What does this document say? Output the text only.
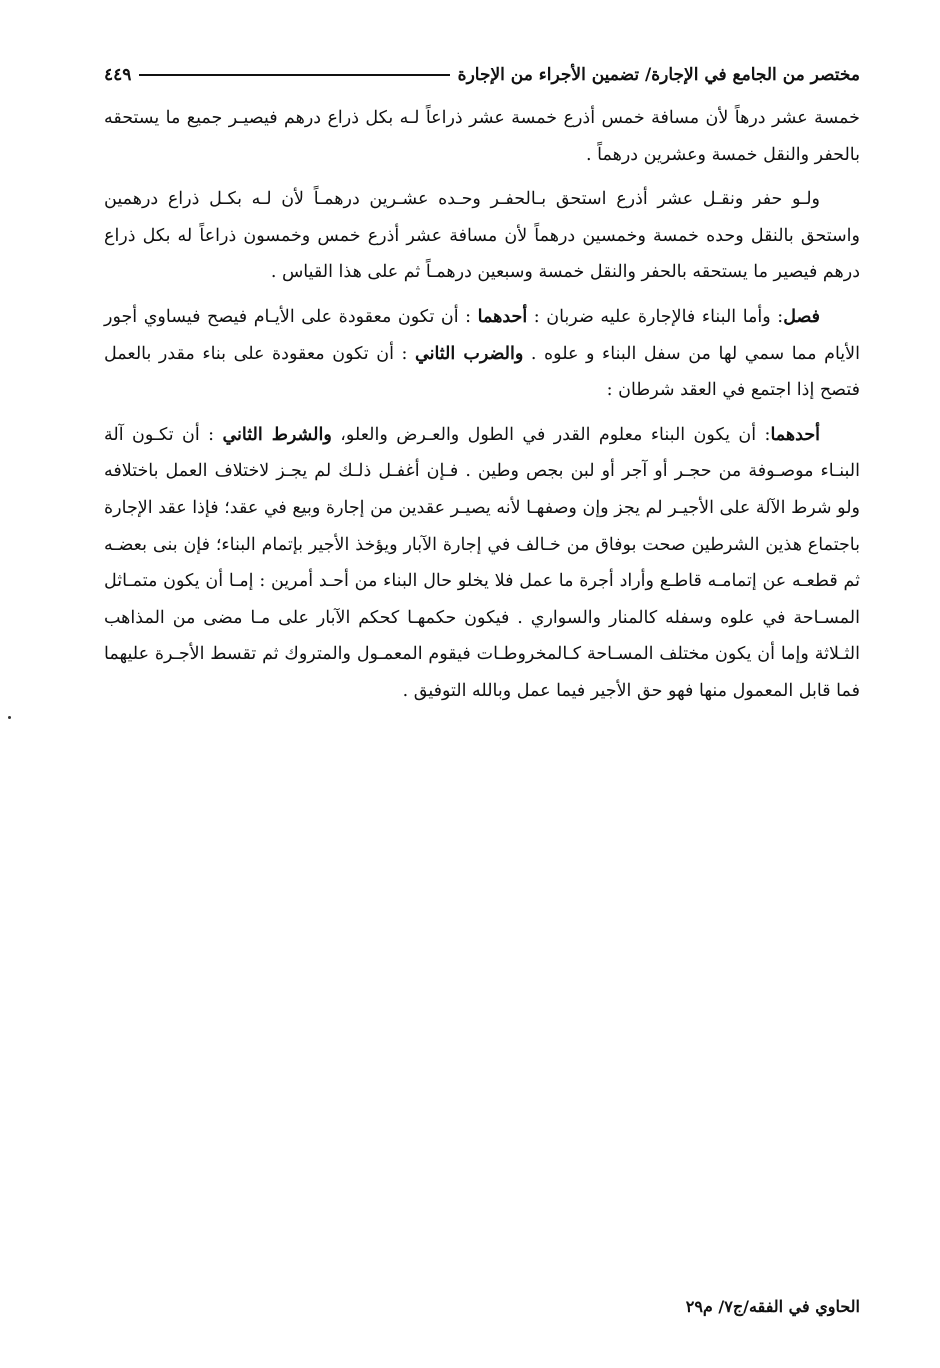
مختصر من الجامع في الإجارة/ تضمين الأجراء من الإجارة
٤٤٩

خمسة عشر درهاً لأن مسافة خمس أذرع خمسة عشر ذراعاً لـه بكل ذراع درهم فيصيـر جميع ما يستحقه بالحفر والنقل خمسة وعشرين درهماً .

ولـو حفر ونقـل عشر أذرع استحق بـالحفـر وحـده عشـرين درهمـاً لأن لـه بكـل ذراع درهمين واستحق بالنقل وحده خمسة وخمسين درهماً لأن مسافة عشر أذرع خمس وخمسون ذراعاً له بكل ذراع درهم فيصير ما يستحقه بالحفر والنقل خمسة وسبعين درهمـاً ثم على هذا القياس .

فصل: وأما البناء فالإجارة عليه ضربان : أحدهما : أن تكون معقودة على الأيـام فيصح فيساوي أجور الأيام مما سمي لها من سفل البناء و علوه . والضرب الثاني : أن تكون معقودة على بناء مقدر بالعمل فتصح إذا اجتمع في العقد شرطان :

أحدهما: أن يكون البناء معلوم القدر في الطول والعـرض والعلو، والشرط الثاني : أن تكـون آلة البنـاء موصـوفة من حجـر أو آجر أو لبن بجص وطين . فـإن أغفـل ذلـك لم يجـز لاختلاف العمل باختلافه ولو شرط الآلة على الأجيـر لم يجز وإن وصفهـا لأنه يصيـر عقدين من إجارة وبيع في عقد؛ فإذا عقد الإجارة باجتماع هذين الشرطين صحت بوفاق من خـالف في إجارة الآبار ويؤخذ الأجير بإتمام البناء؛ فإن بنى بعضـه ثم قطعـه عن إتمامـه قاطـع وأراد أجرة ما عمل فلا يخلو حال البناء من أحـد أمرين : إمـا أن يكون متمـاثل المسـاحة في علوه وسفله كالمنار والسواري . فيكون حكمهـا كحكم الآبار على مـا مضى من المذاهب الثـلاثة وإما أن يكون مختلف المسـاحة كـالمخروطـات فيقوم المعمـول والمتروك ثم تقسط الأجـرة عليهما فما قابل المعمول منها فهو حق الأجير فيما عمل وبالله التوفيق .

الحاوي في الفقه/ج٧/ م٢٩
